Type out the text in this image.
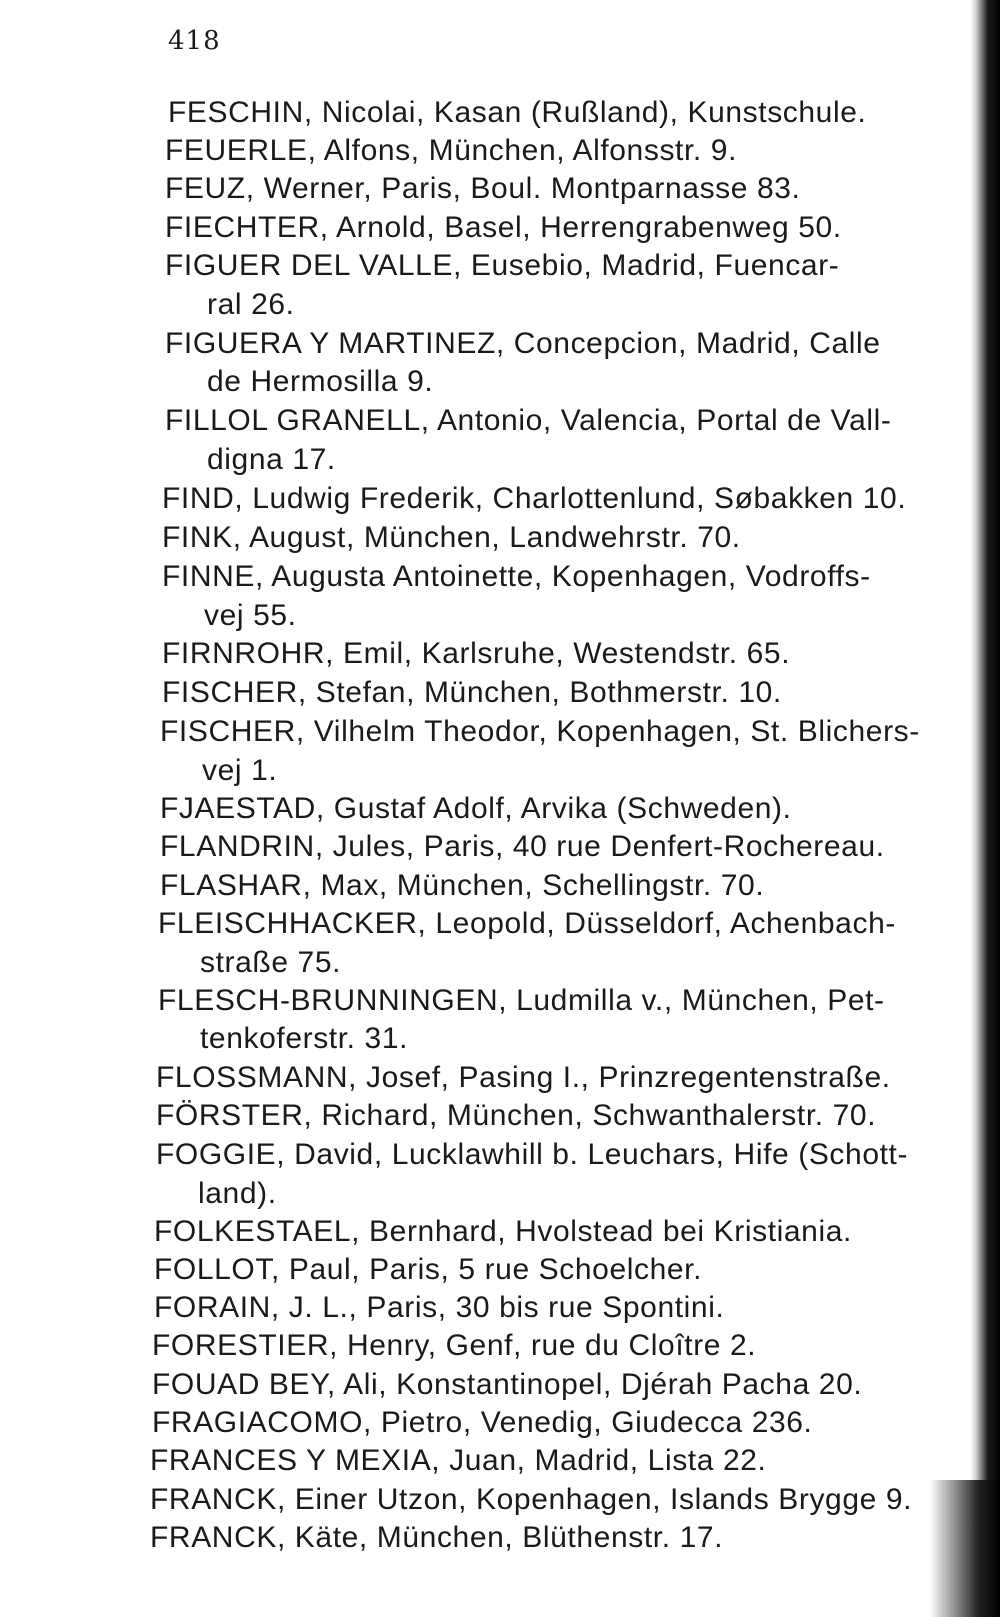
418
FESCHIN, Nicolai, Kasan (Rußland), Kunstschule.
FEUERLE, Alfons, München, Alfonsstr. 9.
FEUZ, Werner, Paris, Boul. Montparnasse 83.
FIECHTER, Arnold, Basel, Herrengrabenweg 50.
FIGUER DEL VALLE, Eusebio, Madrid, Fuencar-
ral 26.
FIGUERA Y MARTINEZ, Concepcion, Madrid, Calle
de Hermosilla 9.
FILLOL GRANELL, Antonio, Valencia, Portal de Vall-
digna 17.
FIND, Ludwig Frederik, Charlottenlund, Søbakken 10.
FINK, August, München, Landwehrstr. 70.
FINNE, Augusta Antoinette, Kopenhagen, Vodroffs-
vej 55.
FIRNROHR, Emil, Karlsruhe, Westendstr. 65.
FISCHER, Stefan, München, Bothmerstr. 10.
FISCHER, Vilhelm Theodor, Kopenhagen, St. Blichers-
vej 1.
FJAESTAD, Gustaf Adolf, Arvika (Schweden).
FLANDRIN, Jules, Paris, 40 rue Denfert-Rochereau.
FLASHAR, Max, München, Schellingstr. 70.
FLEISCHHACKER, Leopold, Düsseldorf, Achenbach-
straße 75.
FLESCH-BRUNNINGEN, Ludmilla v., München, Pet-
tenkoferstr. 31.
FLOSSMANN, Josef, Pasing I., Prinzregentenstraße.
FÖRSTER, Richard, München, Schwanthalerstr. 70.
FOGGIE, David, Lucklawhill b. Leuchars, Hife (Schott-
land).
FOLKESTAEL, Bernhard, Hvolstead bei Kristiania.
FOLLOT, Paul, Paris, 5 rue Schoelcher.
FORAIN, J. L., Paris, 30 bis rue Spontini.
FORESTIER, Henry, Genf, rue du Cloître 2.
FOUAD BEY, Ali, Konstantinopel, Djérah Pacha 20.
FRAGIACOMO, Pietro, Venedig, Giudecca 236.
FRANCES Y MEXIA, Juan, Madrid, Lista 22.
FRANCK, Einer Utzon, Kopenhagen, Islands Brygge 9.
FRANCK, Käte, München, Blüthenstr. 17.
